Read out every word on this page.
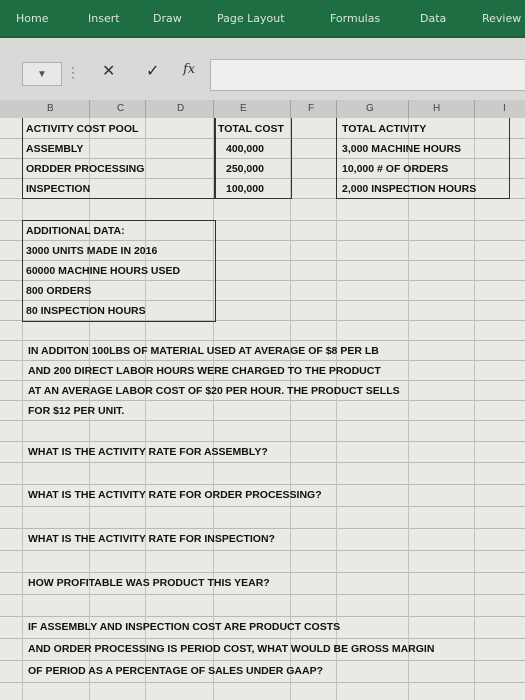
Home	Insert	Draw	Page Layout	Formulas	Data	Review
▼ ⋮ ✕ ✓ fx
B	C	D	E	F	G	H	I
ACTIVITY COST POOL	TOTAL COST	TOTAL ACTIVITY
ASSEMBLY	400,000	3,000 MACHINE HOURS
ORDDER PROCESSING	250,000	10,000 # OF ORDERS
INSPECTION	100,000	2,000 INSPECTION HOURS
ADDITIONAL DATA:
3000 UNITS MADE IN 2016
60000 MACHINE HOURS USED
800 ORDERS
80 INSPECTION HOURS
IN ADDITON 100LBS OF MATERIAL USED AT AVERAGE OF $8 PER LB
AND 200 DIRECT LABOR HOURS WERE CHARGED TO THE PRODUCT
AT AN AVERAGE LABOR COST OF $20 PER HOUR. THE PRODUCT SELLS
FOR $12 PER UNIT.
WHAT IS THE ACTIVITY RATE FOR ASSEMBLY?
WHAT IS THE ACTIVITY RATE FOR ORDER PROCESSING?
WHAT IS THE ACTIVITY RATE FOR INSPECTION?
HOW PROFITABLE WAS PRODUCT THIS YEAR?
IF ASSEMBLY AND INSPECTION COST ARE PRODUCT COSTS
AND ORDER PROCESSING IS PERIOD COST, WHAT WOULD BE GROSS MARGIN
OF PERIOD AS A PERCENTAGE OF SALES UNDER GAAP?
